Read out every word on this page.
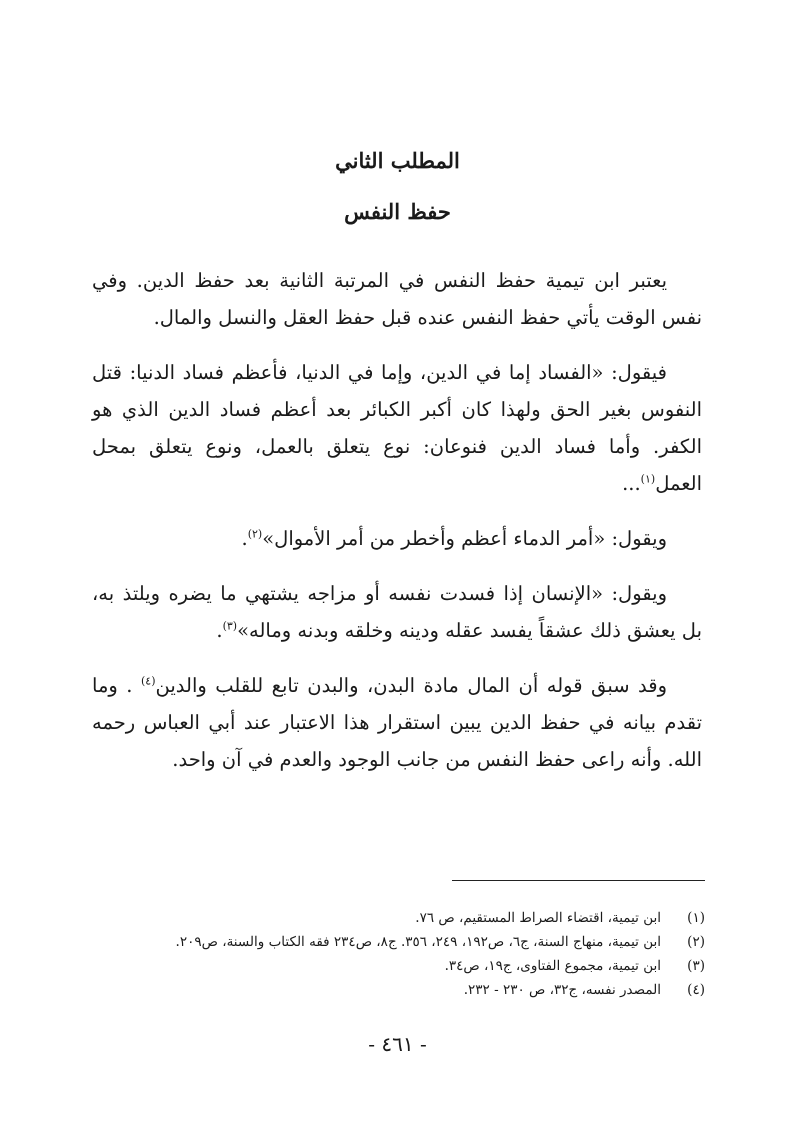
المطلب الثاني
حفظ النفس

يعتبر ابن تيمية حفظ النفس في المرتبة الثانية بعد حفظ الدين. وفي نفس الوقت يأتي حفظ النفس عنده قبل حفظ العقل والنسل والمال.

فيقول: «الفساد إما في الدين، وإما في الدنيا، فأعظم فساد الدنيا: قتل النفوس بغير الحق ولهذا كان أكبر الكبائر بعد أعظم فساد الدين الذي هو الكفر. وأما فساد الدين فنوعان: نوع يتعلق بالعمل، ونوع يتعلق بمحل العمل$^{(١)}$...

ويقول: «أمر الدماء أعظم وأخطر من أمر الأموال»$^{(٢)}$.

ويقول: «الإنسان إذا فسدت نفسه أو مزاجه يشتهي ما يضره ويلتذ به، بل يعشق ذلك عشقاً يفسد عقله ودينه وخلقه وبدنه وماله»$^{(٣)}$.

وقد سبق قوله أن المال مادة البدن، والبدن تابع للقلب والدين$^{(٤)}$ . وما تقدم بيانه في حفظ الدين يبين استقرار هذا الاعتبار عند أبي العباس رحمه الله. وأنه راعى حفظ النفس من جانب الوجود والعدم في آن واحد.

(١)ابن تيمية، اقتضاء الصراط المستقيم، ص ٧٦.
(٢)ابن تيمية، منهاج السنة، ج٦، ص١٩٢، ٢٤٩، ٣٥٦. ج٨، ص٢٣٤ فقه الكتاب والسنة، ص٢٠٩.
(٣)ابن تيمية، مجموع الفتاوى، ج١٩، ص٣٤.
(٤)المصدر نفسه، ج٣٢، ص ٢٣٠ - ٢٣٢.
- ٤٦١ -
